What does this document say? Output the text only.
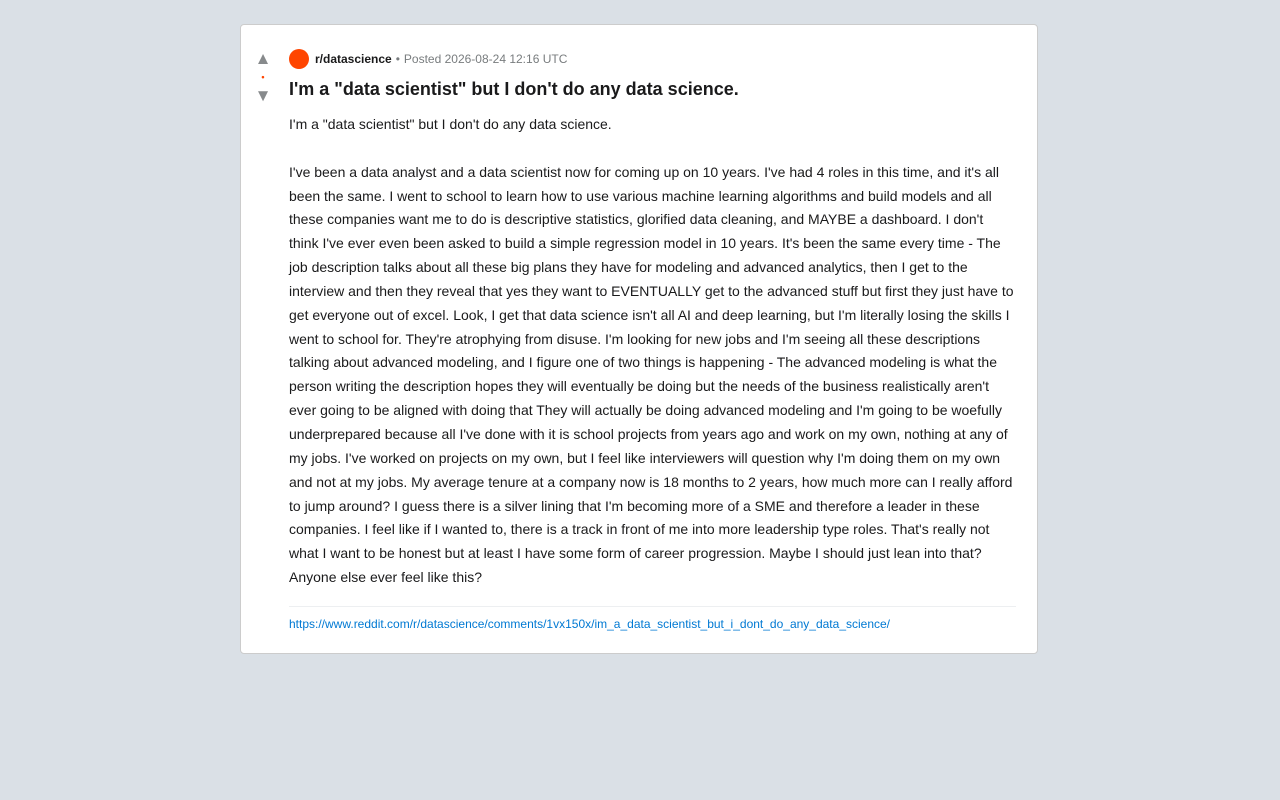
▲
•
▼
r/datascience • Posted 2026-08-24 12:16 UTC
I'm a "data scientist" but I don't do any data science.

I'm a "data scientist" but I don't do any data science.

I've been a data analyst and a data scientist now for coming up on 10 years. I've had 4 roles in this time, and it's all been the same. I went to school to learn how to use various machine learning algorithms and build models and all these companies want me to do is descriptive statistics, glorified data cleaning, and MAYBE a dashboard. I don't think I've ever even been asked to build a simple regression model in 10 years. It's been the same every time - The job description talks about all these big plans they have for modeling and advanced analytics, then I get to the interview and then they reveal that yes they want to EVENTUALLY get to the advanced stuff but first they just have to get everyone out of excel. Look, I get that data science isn't all AI and deep learning, but I'm literally losing the skills I went to school for. They're atrophying from disuse. I'm looking for new jobs and I'm seeing all these descriptions talking about advanced modeling, and I figure one of two things is happening - The advanced modeling is what the person writing the description hopes they will eventually be doing but the needs of the business realistically aren't ever going to be aligned with doing that They will actually be doing advanced modeling and I'm going to be woefully underprepared because all I've done with it is school projects from years ago and work on my own, nothing at any of my jobs. I've worked on projects on my own, but I feel like interviewers will question why I'm doing them on my own and not at my jobs. My average tenure at a company now is 18 months to 2 years, how much more can I really afford to jump around? I guess there is a silver lining that I'm becoming more of a SME and therefore a leader in these companies. I feel like if I wanted to, there is a track in front of me into more leadership type roles. That's really not what I want to be honest but at least I have some form of career progression. Maybe I should just lean into that? Anyone else ever feel like this?

https://www.reddit.com/r/datascience/comments/1vx150x/im_a_data_scientist_but_i_dont_do_any_data_science/
